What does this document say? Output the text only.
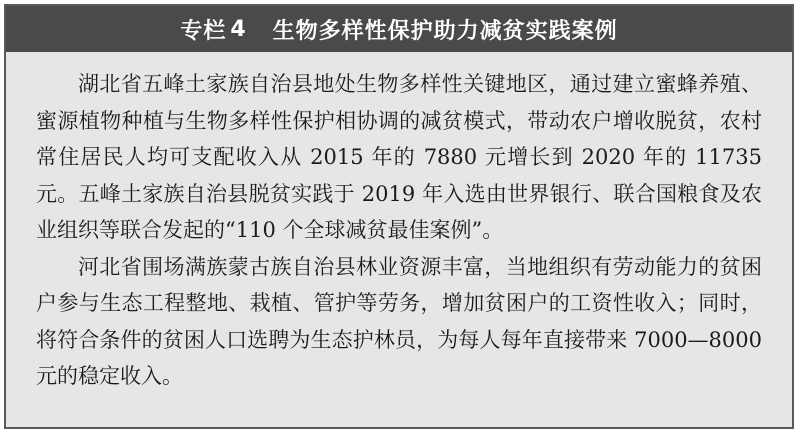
专栏 4 生物多样性保护助力减贫实践案例

湖北省五峰土家族自治县地处生物多样性关键地区，通过建立蜜蜂养殖、蜜源植物种植与生物多样性保护相协调的减贫模式，带动农户增收脱贫，农村常住居民人均可支配收入从 2015 年的 7880 元增长到 2020 年的 11735 元。五峰土家族自治县脱贫实践于 2019 年入选由世界银行、联合国粮食及农业组织等联合发起的“110 个全球减贫最佳案例”。

河北省围场满族蒙古族自治县林业资源丰富，当地组织有劳动能力的贫困户参与生态工程整地、栽植、管护等劳务，增加贫困户的工资性收入；同时，将符合条件的贫困人口选聘为生态护林员，为每人每年直接带来 7000—8000 元的稳定收入。
